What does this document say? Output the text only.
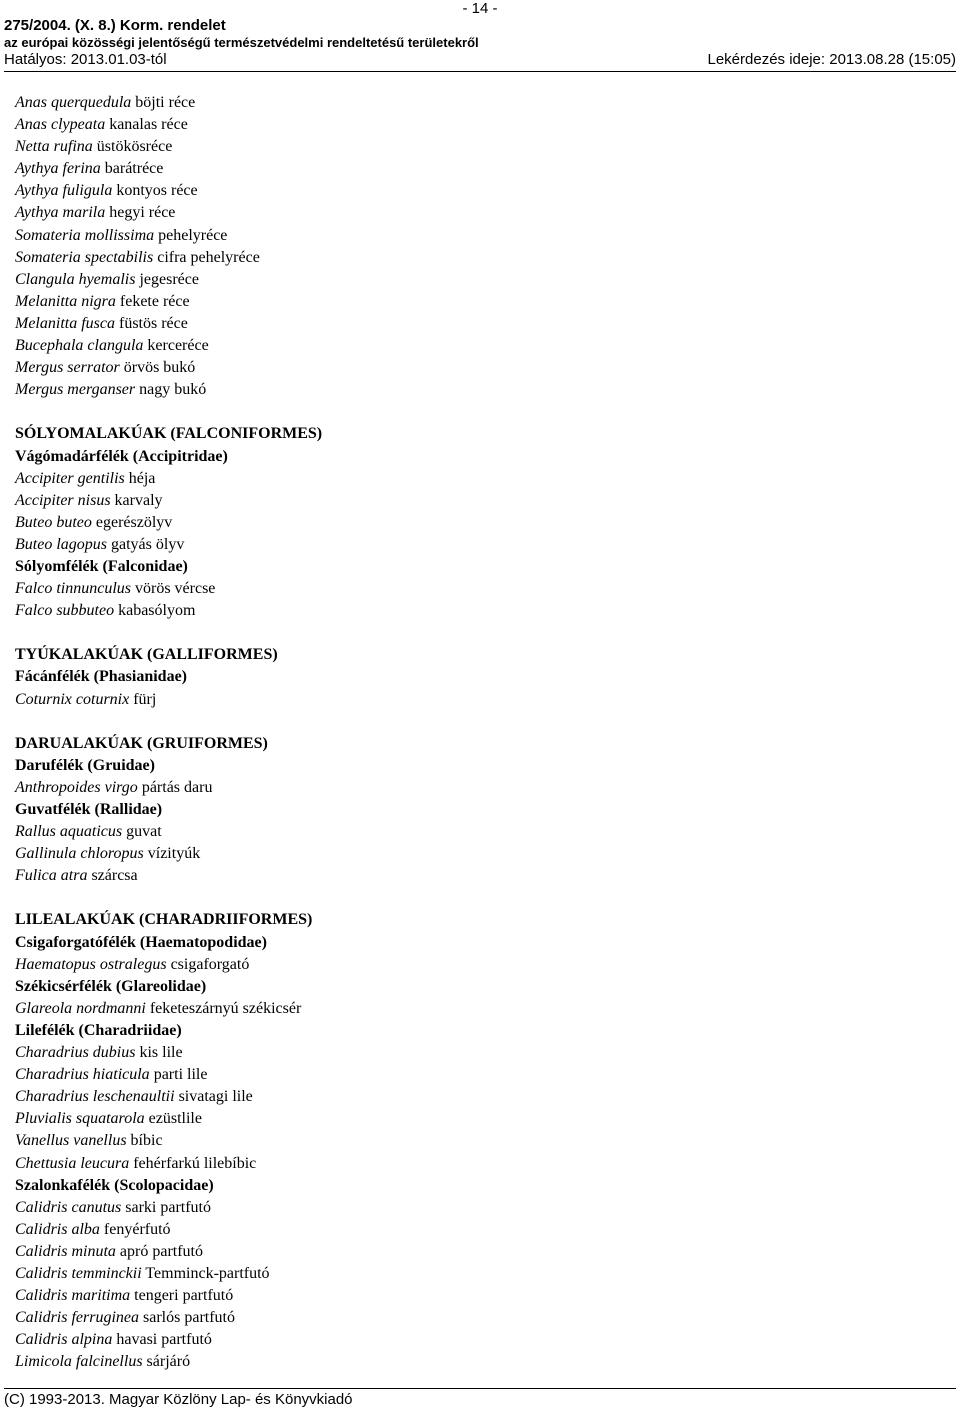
- 14 -
275/2004. (X. 8.) Korm. rendelet
az európai közösségi jelentőségű természetvédelmi rendeltetésű területekről
Hatályos: 2013.01.03-tól	Lekérdezés ideje: 2013.08.28 (15:05)
Anas querquedula böjti réce
Anas clypeata kanalas réce
Netta rufina üstökösréce
Aythya ferina barátréce
Aythya fuligula kontyos réce
Aythya marila hegyi réce
Somateria mollissima pehelyréce
Somateria spectabilis cifra pehelyréce
Clangula hyemalis jegesréce
Melanitta nigra fekete réce
Melanitta fusca füstös réce
Bucephala clangula kercerécе
Mergus serrator örvös bukó
Mergus merganser nagy bukó
SÓLYOMALAKÚAK (FALCONIFORMES)
Vágómadárfélék (Accipitridae)
Accipiter gentilis héja
Accipiter nisus karvaly
Buteo buteo egerészölyv
Buteo lagopus gatyás ölyv
Sólyomfélék (Falconidae)
Falco tinnunculus vörös vércse
Falco subbuteo kabasólyom
TYÚKALAKÚAK (GALLIFORMES)
Fácánfélék (Phasianidae)
Coturnix coturnix fürj
DARUALAKÚAK (GRUIFORMES)
Darufélék (Gruidae)
Anthropoides virgo pártás daru
Guvatfélék (Rallidae)
Rallus aquaticus guvat
Gallinula chloropus vízityúk
Fulica atra szárcsa
LILEALAKÚAK (CHARADRIIFORMES)
Csigaforgatófélék (Haematopodidae)
Haematopus ostralegus csigaforgató
Székicsérfélék (Glareolidae)
Glareola nordmanni feketeszárnyú székicsér
Lilefélék (Charadriidae)
Charadrius dubius kis lile
Charadrius hiaticula parti lile
Charadrius leschenaultii sivatagi lile
Pluvialis squatarola ezüstlile
Vanellus vanellus bíbic
Chettusia leucura fehérfarkú lilebíbic
Szalonkafélék (Scolopacidae)
Calidris canutus sarki partfutó
Calidris alba fenyérfutó
Calidris minuta apró partfutó
Calidris temminckii Temminck-partfutó
Calidris maritima tengeri partfutó
Calidris ferruginea sarlós partfutó
Calidris alpina havasi partfutó
Limicola falcinellus sárjáró
(C) 1993-2013. Magyar Közlöny Lap- és Könyvkiadó
